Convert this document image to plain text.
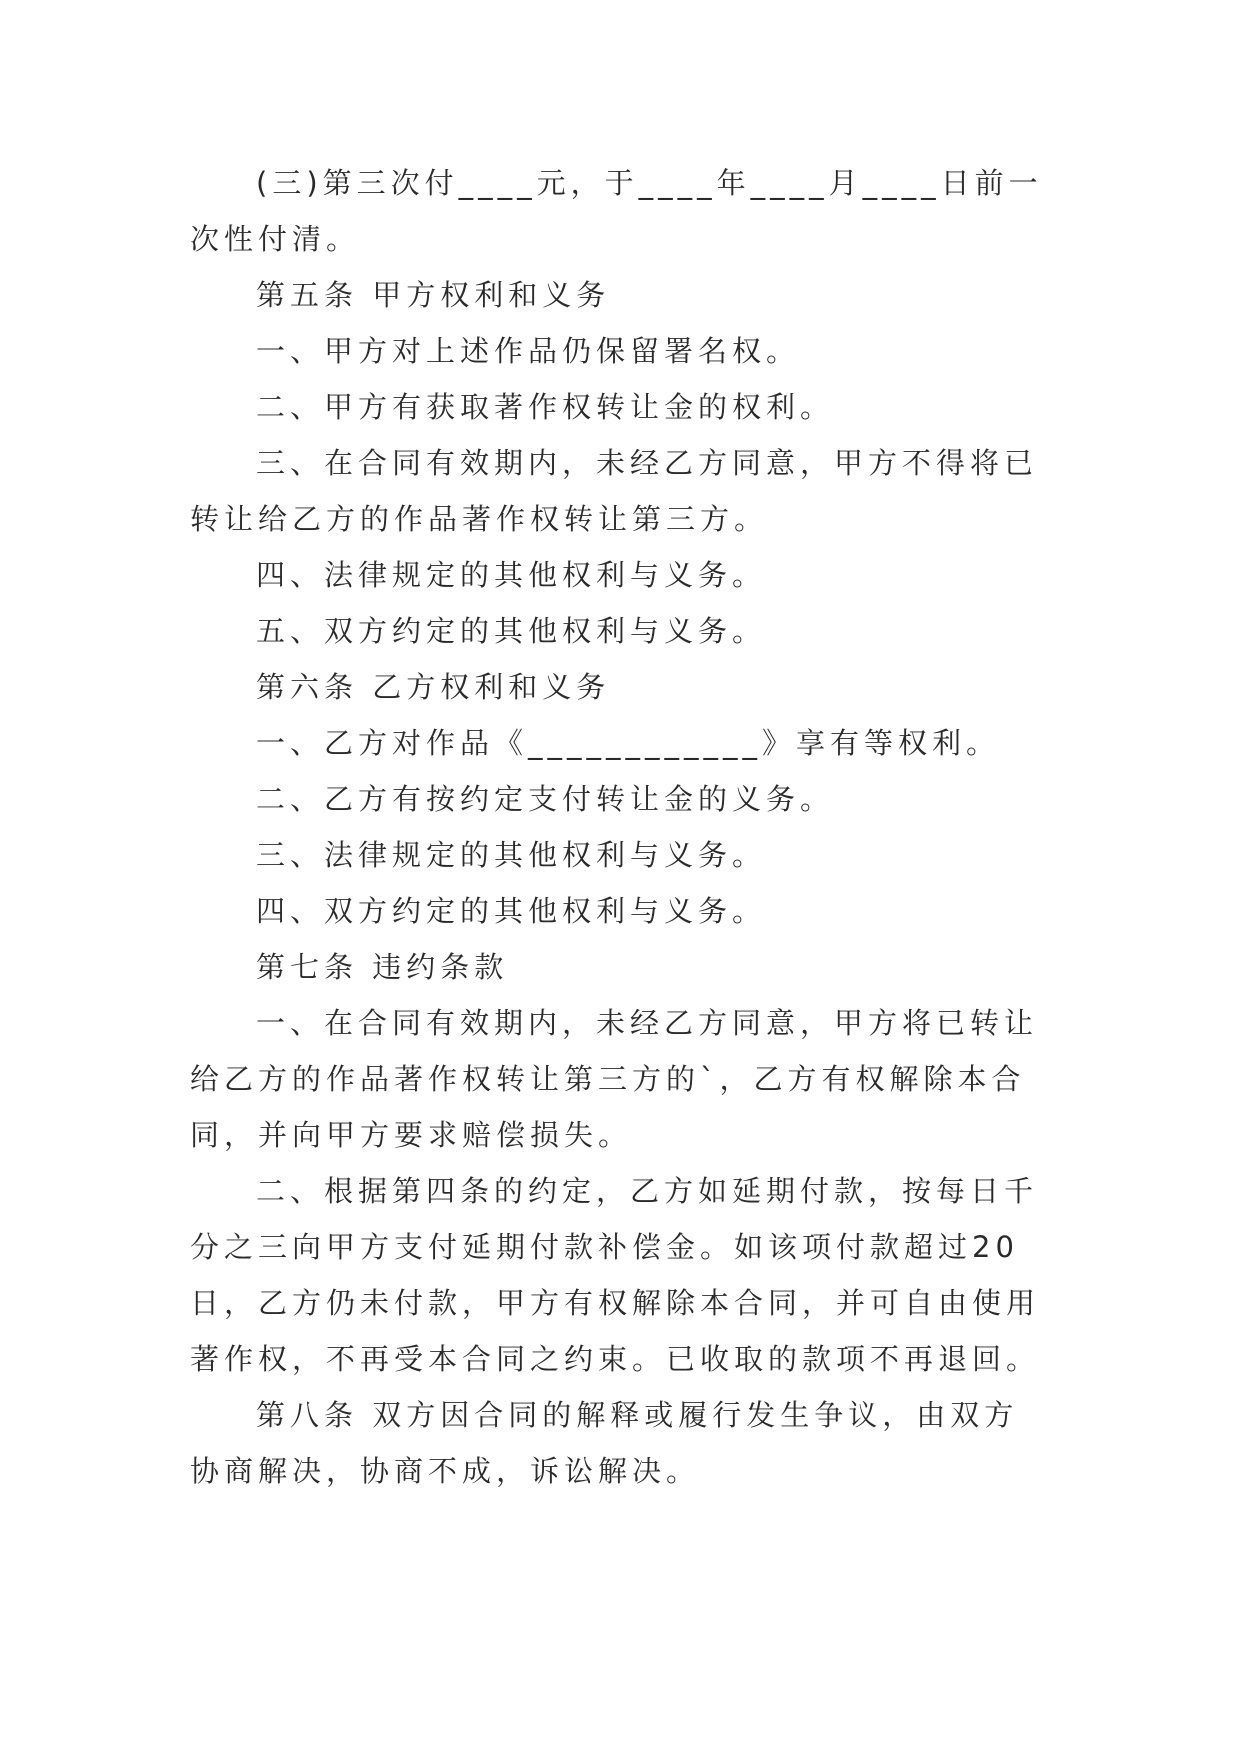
(三)第三次付____元，于____年____月____日前一次性付清。

第五条 甲方权利和义务

一、甲方对上述作品仍保留署名权。

二、甲方有获取著作权转让金的权利。

三、在合同有效期内，未经乙方同意，甲方不得将已转让给乙方的作品著作权转让第三方。

四、法律规定的其他权利与义务。

五、双方约定的其他权利与义务。

第六条 乙方权利和义务

一、乙方对作品《____________》享有等权利。

二、乙方有按约定支付转让金的义务。

三、法律规定的其他权利与义务。

四、双方约定的其他权利与义务。

第七条 违约条款

一、在合同有效期内，未经乙方同意，甲方将已转让给乙方的作品著作权转让第三方的`，乙方有权解除本合同，并向甲方要求赔偿损失。

二、根据第四条的约定，乙方如延期付款，按每日千分之三向甲方支付延期付款补偿金。如该项付款超过20日，乙方仍未付款，甲方有权解除本合同，并可自由使用著作权，不再受本合同之约束。已收取的款项不再退回。

第八条 双方因合同的解释或履行发生争议，由双方协商解决，协商不成，诉讼解决。
